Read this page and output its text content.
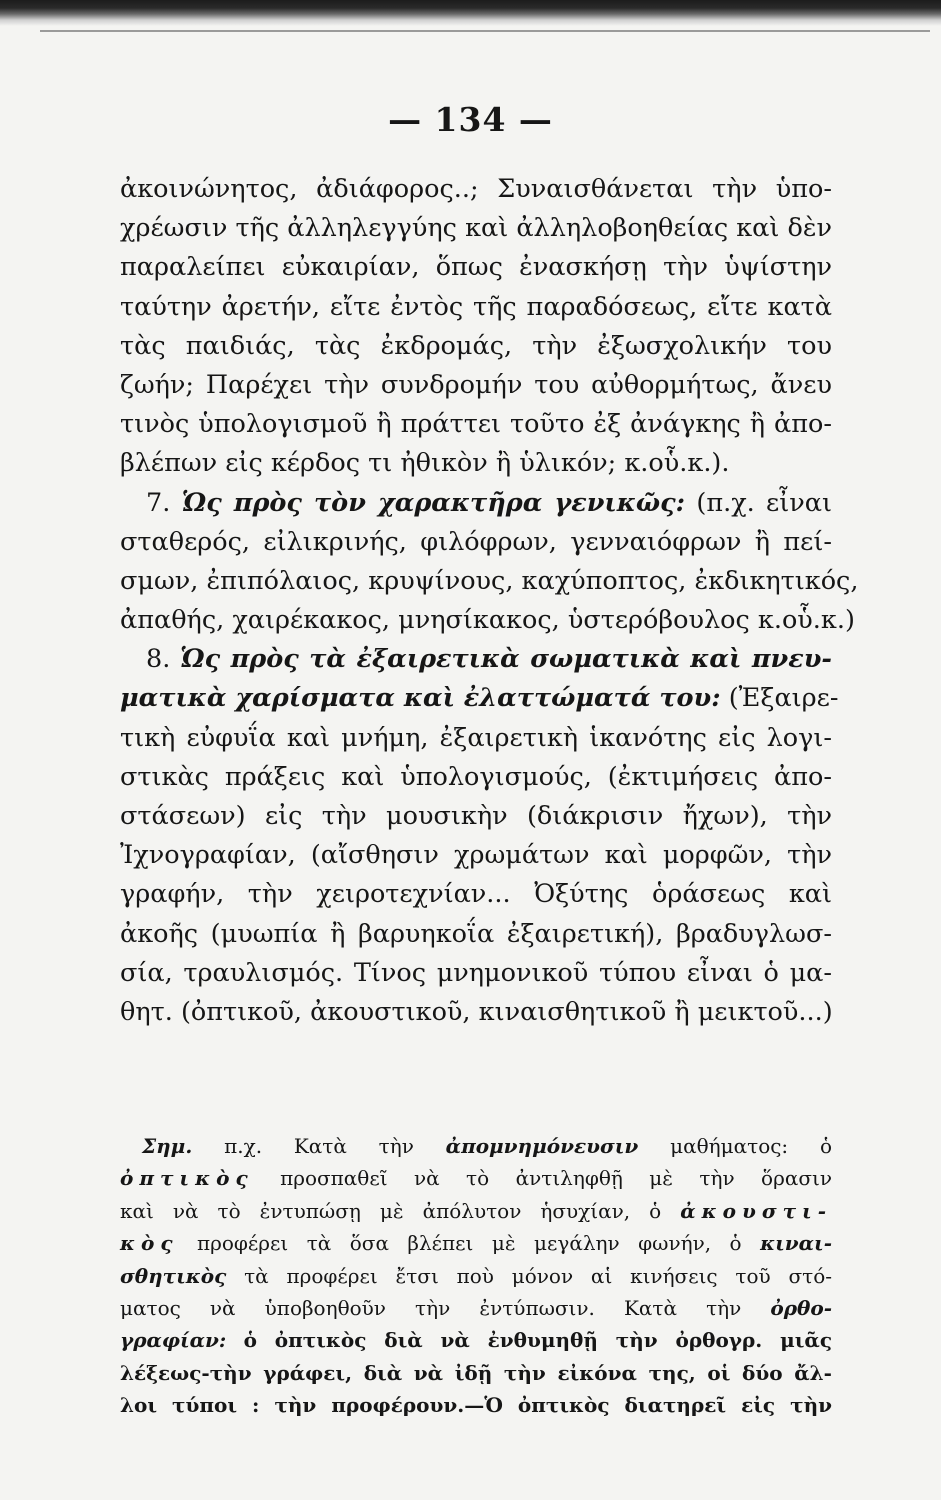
— 134 —
ἀκοινώνητος, ἀδιάφορος..; Συναισθάνεται τὴν ὑπο-
χρέωσιν τῆς ἀλληλεγγύης καὶ ἀλληλοβοηθείας καὶ δὲν
παραλείπει εὐκαιρίαν, ὅπως ἐνασκήσῃ τὴν ὑψίστην
ταύτην ἀρετήν, εἴτε ἐντὸς τῆς παραδόσεως, εἴτε κατὰ
τὰς παιδιάς, τὰς ἐκδρομάς, τὴν ἐξωσχολικήν του
ζωήν; Παρέχει τὴν συνδρομήν του αὐθορμήτως, ἄνευ
τινὸς ὑπολογισμοῦ ἢ πράττει τοῦτο ἐξ ἀνάγκης ἢ ἀπο-
βλέπων εἰς κέρδος τι ἠθικὸν ἢ ὑλικόν; κ.οὗ.κ.).
7. Ὡς πρὸς τὸν χαρακτῆρα γενικῶς: (π.χ. εἶναι
σταθερός, εἰλικρινής, φιλόφρων, γενναιόφρων ἢ πεί-
σμων, ἐπιπόλαιος, κρυψίνους, καχύποπτος, ἐκδικητικός,
ἀπαθής, χαιρέκακος, μνησίκακος, ὑστερόβουλος κ.οὗ.κ.)
8. Ὡς πρὸς τὰ ἐξαιρετικὰ σωματικὰ καὶ πνευ-
ματικὰ χαρίσματα καὶ ἐλαττώματά του: (Ἐξαιρε-
τικὴ εὐφυΐα καὶ μνήμη, ἐξαιρετικὴ ἱκανότης εἰς λογι-
στικὰς πράξεις καὶ ὑπολογισμούς, (ἐκτιμήσεις ἀπο-
στάσεων) εἰς τὴν μουσικὴν (διάκρισιν ἤχων), τὴν
Ἰχνογραφίαν, (αἴσθησιν χρωμάτων καὶ μορφῶν, τὴν
γραφήν, τὴν χειροτεχνίαν... Ὀξύτης ὁράσεως καὶ
ἀκοῆς (μυωπία ἢ βαρυηκοΐα ἐξαιρετική), βραδυγλωσ-
σία, τραυλισμός. Τίνος μνημονικοῦ τύπου εἶναι ὁ μα-
θητ. (ὀπτικοῦ, ἀκουστικοῦ, κιναισθητικοῦ ἢ μεικτοῦ...)
Σημ. π.χ. Κατὰ τὴν ἀπομνημόνευσιν μαθήματος: ὁ
ὀπτικὸς προσπαθεῖ νὰ τὸ ἀντιληφθῇ μὲ τὴν ὅρασιν
καὶ νὰ τὸ ἐντυπώσῃ μὲ ἀπόλυτον ἡσυχίαν, ὁ ἀκουστι-
κὸς προφέρει τὰ ὅσα βλέπει μὲ μεγάλην φωνήν, ὁ κιναι-
σθητικὸς τὰ προφέρει ἔτσι ποὺ μόνον αἱ κινήσεις τοῦ στό-
ματος νὰ ὑποβοηθοῦν τὴν ἐντύπωσιν. Κατὰ τὴν ὀρθο-
γραφίαν: ὁ ὀπτικὸς διὰ νὰ ἐνθυμηθῇ τὴν ὀρθογρ. μιᾶς
λέξεως-τὴν γράφει, διὰ νὰ ἰδῇ τὴν εἰκόνα της, οἱ δύο ἄλ-
λοι τύποι : τὴν προφέρουν.—Ὁ ὀπτικὸς διατηρεῖ εἰς τὴν
